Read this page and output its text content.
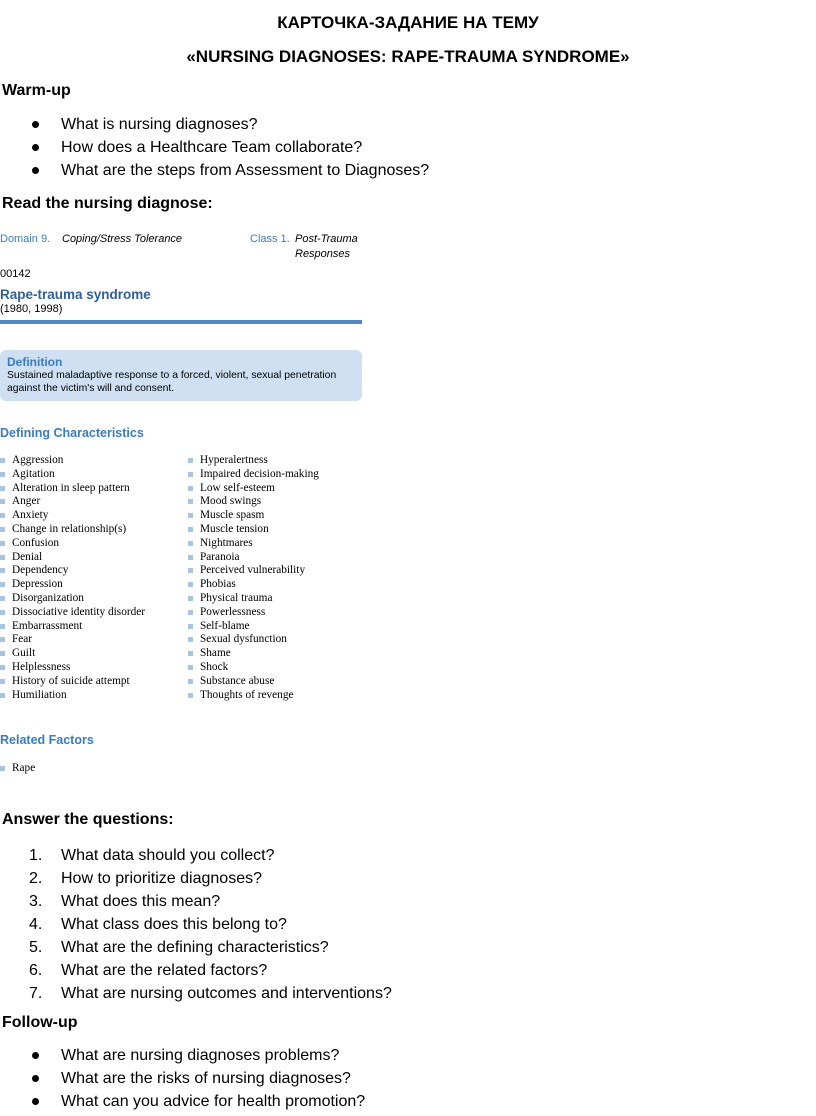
КАРТОЧКА-ЗАДАНИЕ НА ТЕМУ
«NURSING DIAGNOSES: RAPE-TRAUMA SYNDROME»
Warm-up
What is nursing diagnoses?
How does a Healthcare Team collaborate?
What are the steps from Assessment to Diagnoses?
Read the nursing diagnose:
Domain 9. Coping/Stress Tolerance	Class 1. Post-Trauma
Responses
00142
Rape-trauma syndrome
(1980, 1998)
Definition
Sustained maladaptive response to a forced, violent, sexual penetration
against the victim's will and consent.
Defining Characteristics
Aggression
Agitation
Alteration in sleep pattern
Anger
Anxiety
Change in relationship(s)
Confusion
Denial
Dependency
Depression
Disorganization
Dissociative identity disorder
Embarrassment
Fear
Guilt
Helplessness
History of suicide attempt
Humiliation
Hyperalertness
Impaired decision-making
Low self-esteem
Mood swings
Muscle spasm
Muscle tension
Nightmares
Paranoia
Perceived vulnerability
Phobias
Physical trauma
Powerlessness
Self-blame
Sexual dysfunction
Shame
Shock
Substance abuse
Thoughts of revenge
Related Factors
Rape
Answer the questions:
1. What data should you collect?
2. How to prioritize diagnoses?
3. What does this mean?
4. What class does this belong to?
5. What are the defining characteristics?
6. What are the related factors?
7. What are nursing outcomes and interventions?
Follow-up
What are nursing diagnoses problems?
What are the risks of nursing diagnoses?
What can you advice for health promotion?
